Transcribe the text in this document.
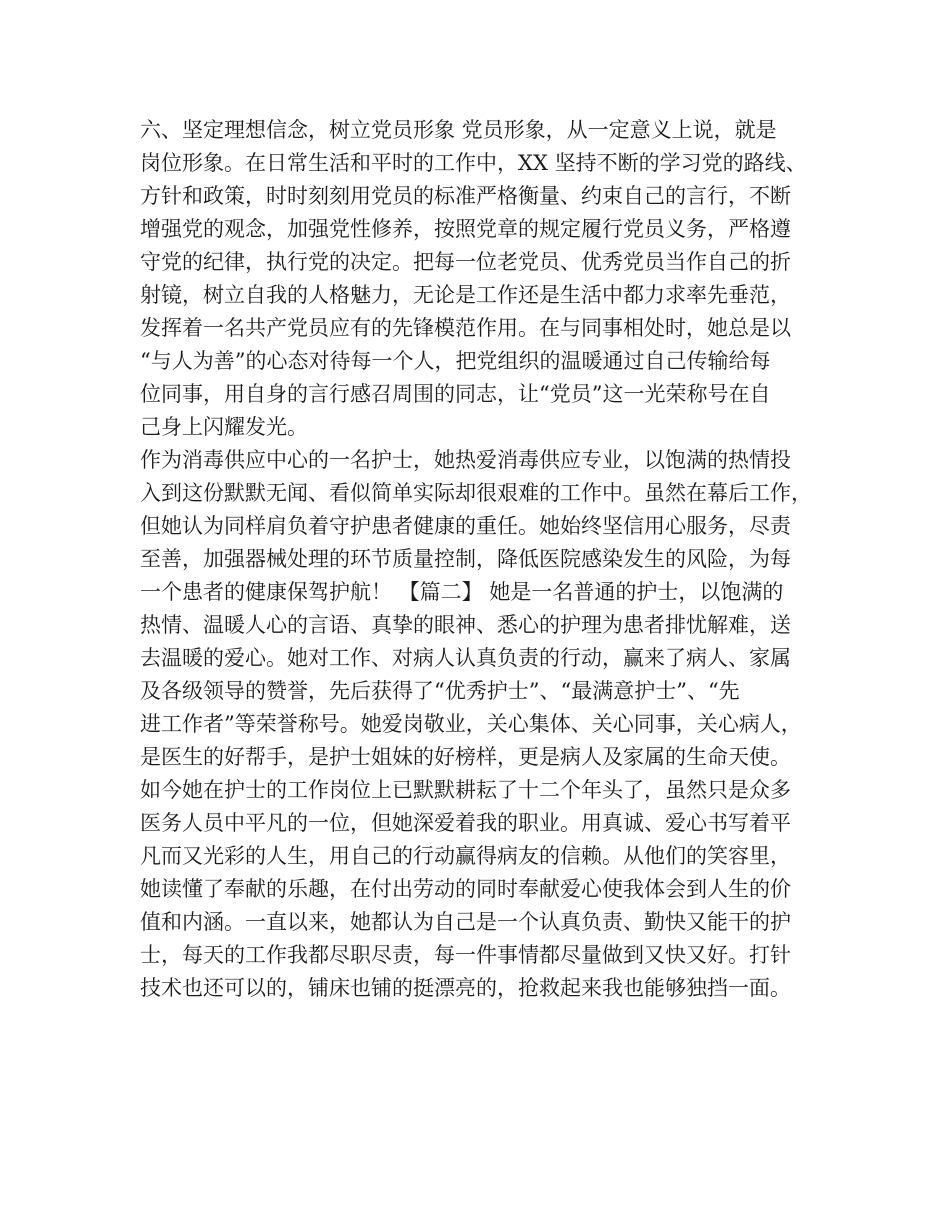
六、坚定理想信念，树立党员形象 党员形象，从一定意义上说，就是
岗位形象。在日常生活和平时的工作中，XX 坚持不断的学习党的路线、
方针和政策，时时刻刻用党员的标准严格衡量、约束自己的言行，不断
增强党的观念，加强党性修养，按照党章的规定履行党员义务，严格遵
守党的纪律，执行党的决定。把每一位老党员、优秀党员当作自己的折
射镜，树立自我的人格魅力，无论是工作还是生活中都力求率先垂范，
发挥着一名共产党员应有的先锋模范作用。在与同事相处时，她总是以
“与人为善”的心态对待每一个人，把党组织的温暖通过自己传输给每
位同事，用自身的言行感召周围的同志，让“党员”这一光荣称号在自
己身上闪耀发光。
作为消毒供应中心的一名护士，她热爱消毒供应专业，以饱满的热情投
入到这份默默无闻、看似简单实际却很艰难的工作中。虽然在幕后工作，
但她认为同样肩负着守护患者健康的重任。她始终坚信用心服务，尽责
至善，加强器械处理的环节质量控制，降低医院感染发生的风险，为每
一个患者的健康保驾护航！ 【篇二】 她是一名普通的护士，以饱满的
热情、温暖人心的言语、真挚的眼神、悉心的护理为患者排忧解难，送
去温暖的爱心。她对工作、对病人认真负责的行动，赢来了病人、家属
及各级领导的赞誉，先后获得了“优秀护士”、“最满意护士”、“先
进工作者”等荣誉称号。她爱岗敬业，关心集体、关心同事，关心病人，
是医生的好帮手，是护士姐妹的好榜样，更是病人及家属的生命天使。
如今她在护士的工作岗位上已默默耕耘了十二个年头了，虽然只是众多
医务人员中平凡的一位，但她深爱着我的职业。用真诚、爱心书写着平
凡而又光彩的人生，用自己的行动赢得病友的信赖。从他们的笑容里，
她读懂了奉献的乐趣，在付出劳动的同时奉献爱心使我体会到人生的价
值和内涵。一直以来，她都认为自己是一个认真负责、勤快又能干的护
士，每天的工作我都尽职尽责，每一件事情都尽量做到又快又好。打针
技术也还可以的，铺床也铺的挺漂亮的，抢救起来我也能够独挡一面。
